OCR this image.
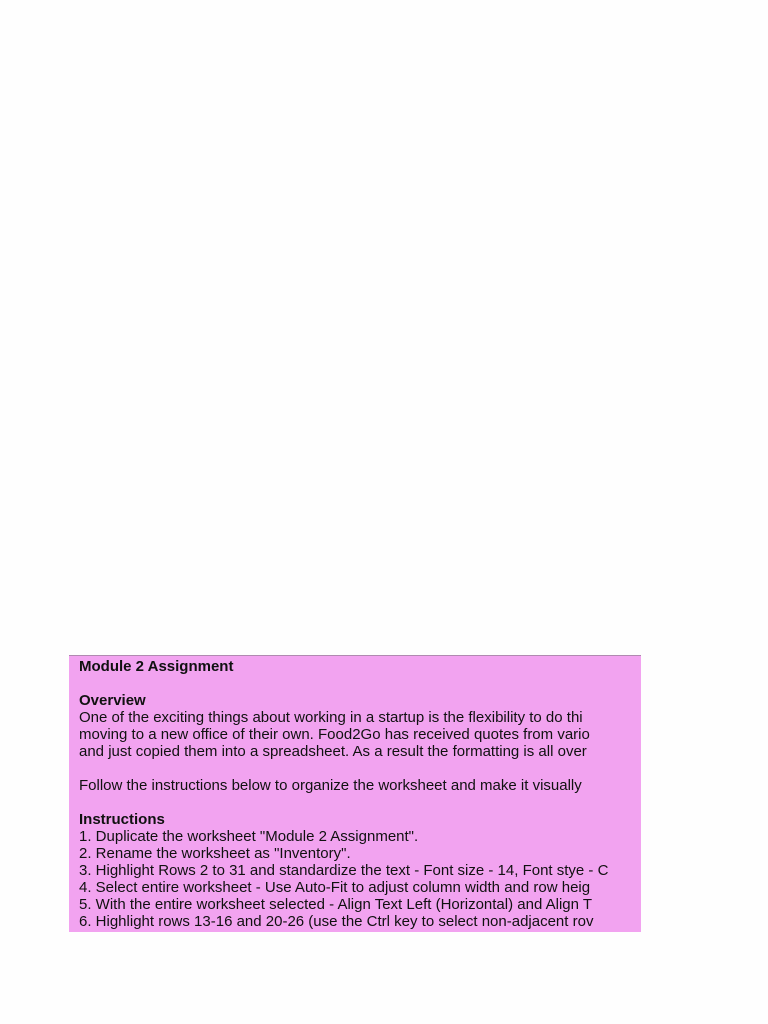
Module 2 Assignment
Overview
One of the exciting things about working in a startup is the flexibility to do thi
moving to a new office of their own. Food2Go has received quotes from vario
and just copied them into a spreadsheet. As a result the formatting is all over
Follow the instructions below to organize the worksheet and make it visually
Instructions
1. Duplicate the worksheet "Module 2 Assignment".
2. Rename the worksheet as "Inventory".
3. Highlight Rows 2 to 31 and standardize the text - Font size - 14, Font stye - C
4. Select entire worksheet - Use Auto-Fit to adjust column width and row heig
5. With the entire worksheet selected - Align Text Left (Horizontal) and Align T
6. Highlight rows 13-16 and 20-26 (use the Ctrl key to select non-adjacent rov
